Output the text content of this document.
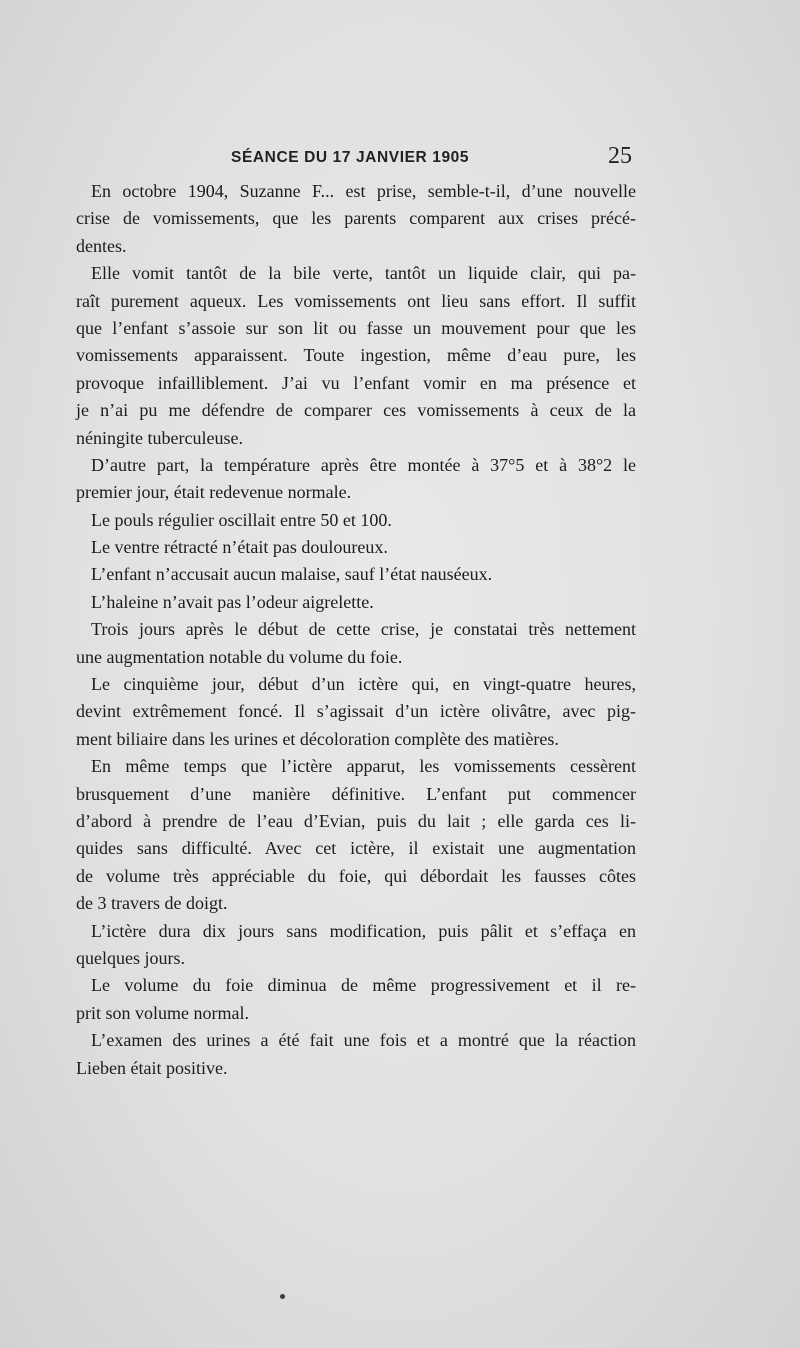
SÉANCE DU 17 JANVIER 1905	25
En octobre 1904, Suzanne F... est prise, semble-t-il, d’une nouvelle
crise de vomissements, que les parents comparent aux crises précé-
dentes.
Elle vomit tantôt de la bile verte, tantôt un liquide clair, qui pa-
raît purement aqueux. Les vomissements ont lieu sans effort. Il suffit
que l’enfant s’assoie sur son lit ou fasse un mouvement pour que les
vomissements apparaissent. Toute ingestion, même d’eau pure, les
provoque infailliblement. J’ai vu l’enfant vomir en ma présence et
je n’ai pu me défendre de comparer ces vomissements à ceux de la
néningite tuberculeuse.
D’autre part, la température après être montée à 37°5 et à 38°2 le
premier jour, était redevenue normale.
Le pouls régulier oscillait entre 50 et 100.
Le ventre rétracté n’était pas douloureux.
L’enfant n’accusait aucun malaise, sauf l’état nauséeux.
L’haleine n’avait pas l’odeur aigrelette.
Trois jours après le début de cette crise, je constatai très nettement
une augmentation notable du volume du foie.
Le cinquième jour, début d’un ictère qui, en vingt-quatre heures,
devint extrêmement foncé. Il s’agissait d’un ictère olivâtre, avec pig-
ment biliaire dans les urines et décoloration complète des matières.
En même temps que l’ictère apparut, les vomissements cessèrent
brusquement d’une manière définitive. L’enfant put commencer
d’abord à prendre de l’eau d’Evian, puis du lait ; elle garda ces li-
quides sans difficulté. Avec cet ictère, il existait une augmentation
de volume très appréciable du foie, qui débordait les fausses côtes
de 3 travers de doigt.
L’ictère dura dix jours sans modification, puis pâlit et s’effaça en
quelques jours.
Le volume du foie diminua de même progressivement et il re-
prit son volume normal.
L’examen des urines a été fait une fois et a montré que la réaction
Lieben était positive.
